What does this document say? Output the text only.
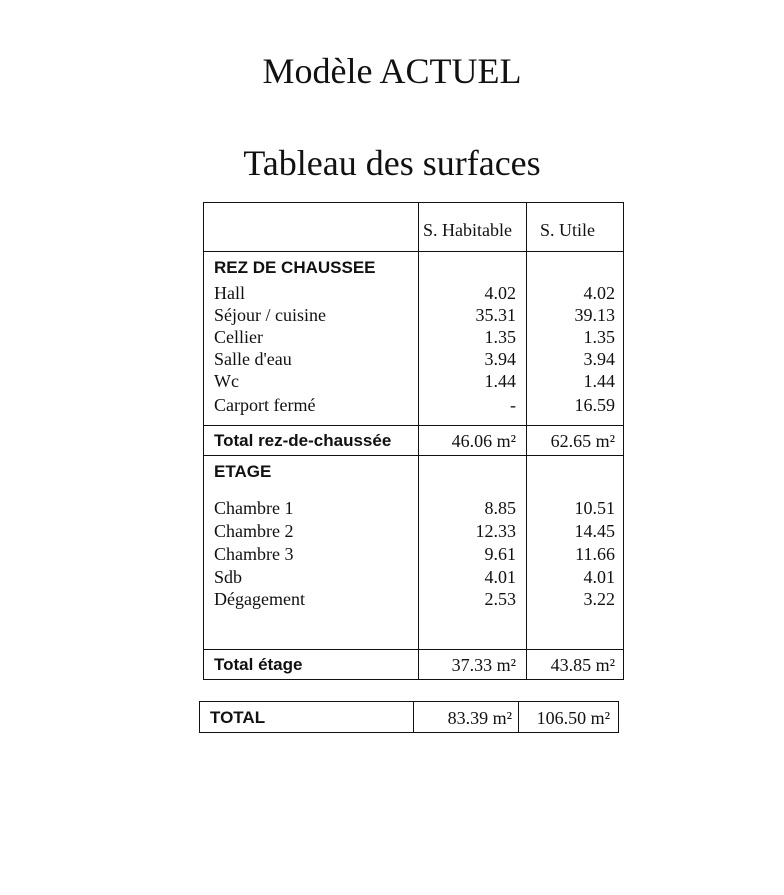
Modèle ACTUEL
Tableau des surfaces
S. Habitable S. Utile
REZ DE CHAUSSEE
Hall	4.02	4.02
Séjour / cuisine	35.31	39.13
Cellier	1.35	1.35
Salle d'eau	3.94	3.94
Wc	1.44	1.44
Carport fermé	-	16.59
Total rez-de-chaussée	46.06 m² 62.65 m²
ETAGE
Chambre 1	8.85	10.51
Chambre 2	12.33	14.45
Chambre 3	9.61	11.66
Sdb	4.01	4.01
Dégagement	2.53	3.22
Total étage	37.33 m² 43.85 m²
TOTAL	83.39 m² 106.50 m²
